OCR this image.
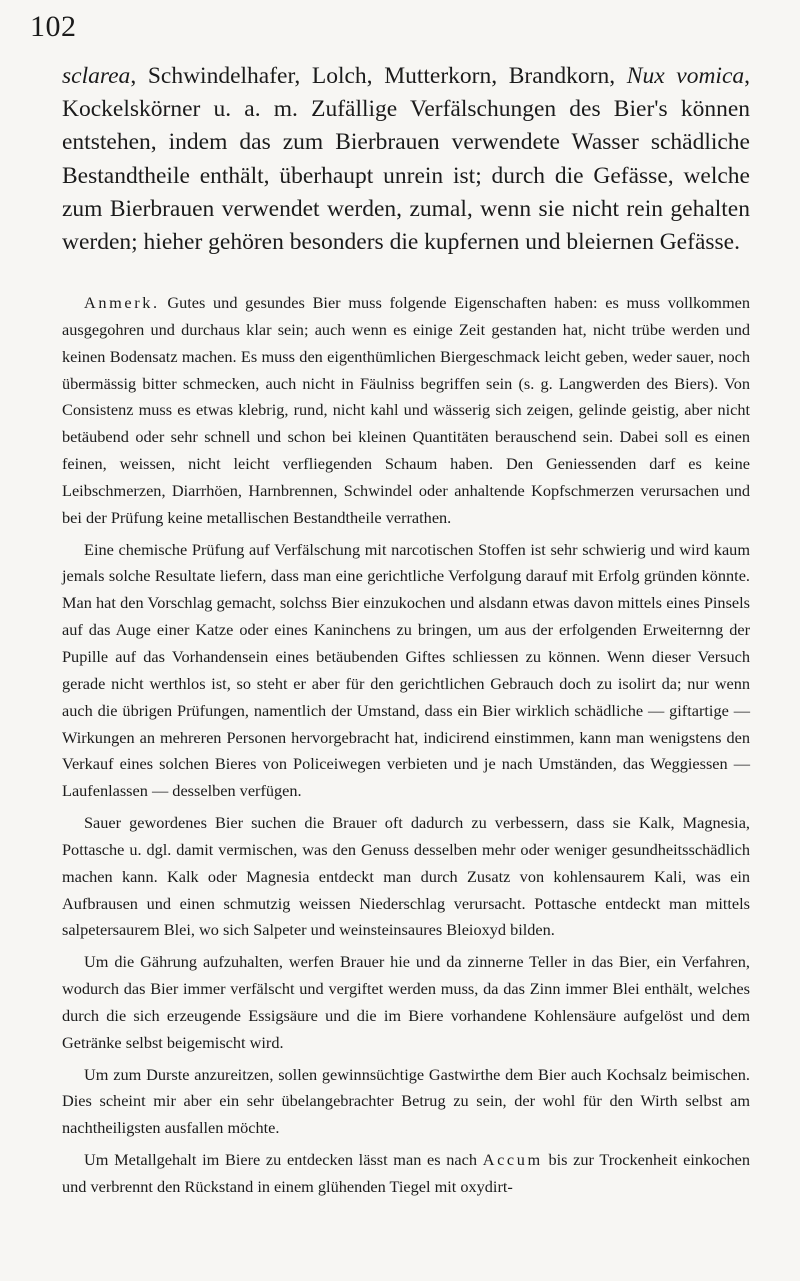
102

sclarea, Schwindelhafer, Lolch, Mutterkorn, Brandkorn, Nux vomica, Kockelskörner u. a. m. Zufällige Verfälschungen des Bier's können entstehen, indem das zum Bierbrauen verwendete Wasser schädliche Bestandtheile enthält, überhaupt unrein ist; durch die Gefässe, welche zum Bierbrauen verwendet werden, zumal, wenn sie nicht rein gehalten werden; hieher gehören besonders die kupfernen und bleiernen Gefässe.

Anmerk. Gutes und gesundes Bier muss folgende Eigenschaften haben: es muss vollkommen ausgegohren und durchaus klar sein; auch wenn es einige Zeit gestanden hat, nicht trübe werden und keinen Bodensatz machen. Es muss den eigenthümlichen Biergeschmack leicht geben, weder sauer, noch übermässig bitter schmecken, auch nicht in Fäulniss begriffen sein (s. g. Langwerden des Biers). Von Consistenz muss es etwas klebrig, rund, nicht kahl und wässerig sich zeigen, gelinde geistig, aber nicht betäubend oder sehr schnell und schon bei kleinen Quantitäten berauschend sein. Dabei soll es einen feinen, weissen, nicht leicht verfliegenden Schaum haben. Den Geniessenden darf es keine Leibschmerzen, Diarrhöen, Harnbrennen, Schwindel oder anhaltende Kopfschmerzen verursachen und bei der Prüfung keine metallischen Bestandtheile verrathen.

Eine chemische Prüfung auf Verfälschung mit narcotischen Stoffen ist sehr schwierig und wird kaum jemals solche Resultate liefern, dass man eine gerichtliche Verfolgung darauf mit Erfolg gründen könnte. Man hat den Vorschlag gemacht, solchss Bier einzukochen und alsdann etwas davon mittels eines Pinsels auf das Auge einer Katze oder eines Kaninchens zu bringen, um aus der erfolgenden Erweiternng der Pupille auf das Vorhandensein eines betäubenden Giftes schliessen zu können. Wenn dieser Versuch gerade nicht werthlos ist, so steht er aber für den gerichtlichen Gebrauch doch zu isolirt da; nur wenn auch die übrigen Prüfungen, namentlich der Umstand, dass ein Bier wirklich schädliche — giftartige — Wirkungen an mehreren Personen hervorgebracht hat, indicirend einstimmen, kann man wenigstens den Verkauf eines solchen Bieres von Policeiwegen verbieten und je nach Umständen, das Weggiessen — Laufenlassen — desselben verfügen.

Sauer gewordenes Bier suchen die Brauer oft dadurch zu verbessern, dass sie Kalk, Magnesia, Pottasche u. dgl. damit vermischen, was den Genuss desselben mehr oder weniger gesundheitsschädlich machen kann. Kalk oder Magnesia entdeckt man durch Zusatz von kohlensaurem Kali, was ein Aufbrausen und einen schmutzig weissen Niederschlag verursacht. Pottasche entdeckt man mittels salpetersaurem Blei, wo sich Salpeter und weinsteinsaures Bleioxyd bilden.

Um die Gährung aufzuhalten, werfen Brauer hie und da zinnerne Teller in das Bier, ein Verfahren, wodurch das Bier immer verfälscht und vergiftet werden muss, da das Zinn immer Blei enthält, welches durch die sich erzeugende Essigsäure und die im Biere vorhandene Kohlensäure aufgelöst und dem Getränke selbst beigemischt wird.

Um zum Durste anzureitzen, sollen gewinnsüchtige Gastwirthe dem Bier auch Kochsalz beimischen. Dies scheint mir aber ein sehr übelangebrachter Betrug zu sein, der wohl für den Wirth selbst am nachtheiligsten ausfallen möchte.

Um Metallgehalt im Biere zu entdecken lässt man es nach Accum bis zur Trockenheit einkochen und verbrennt den Rückstand in einem glühenden Tiegel mit oxydirt-
